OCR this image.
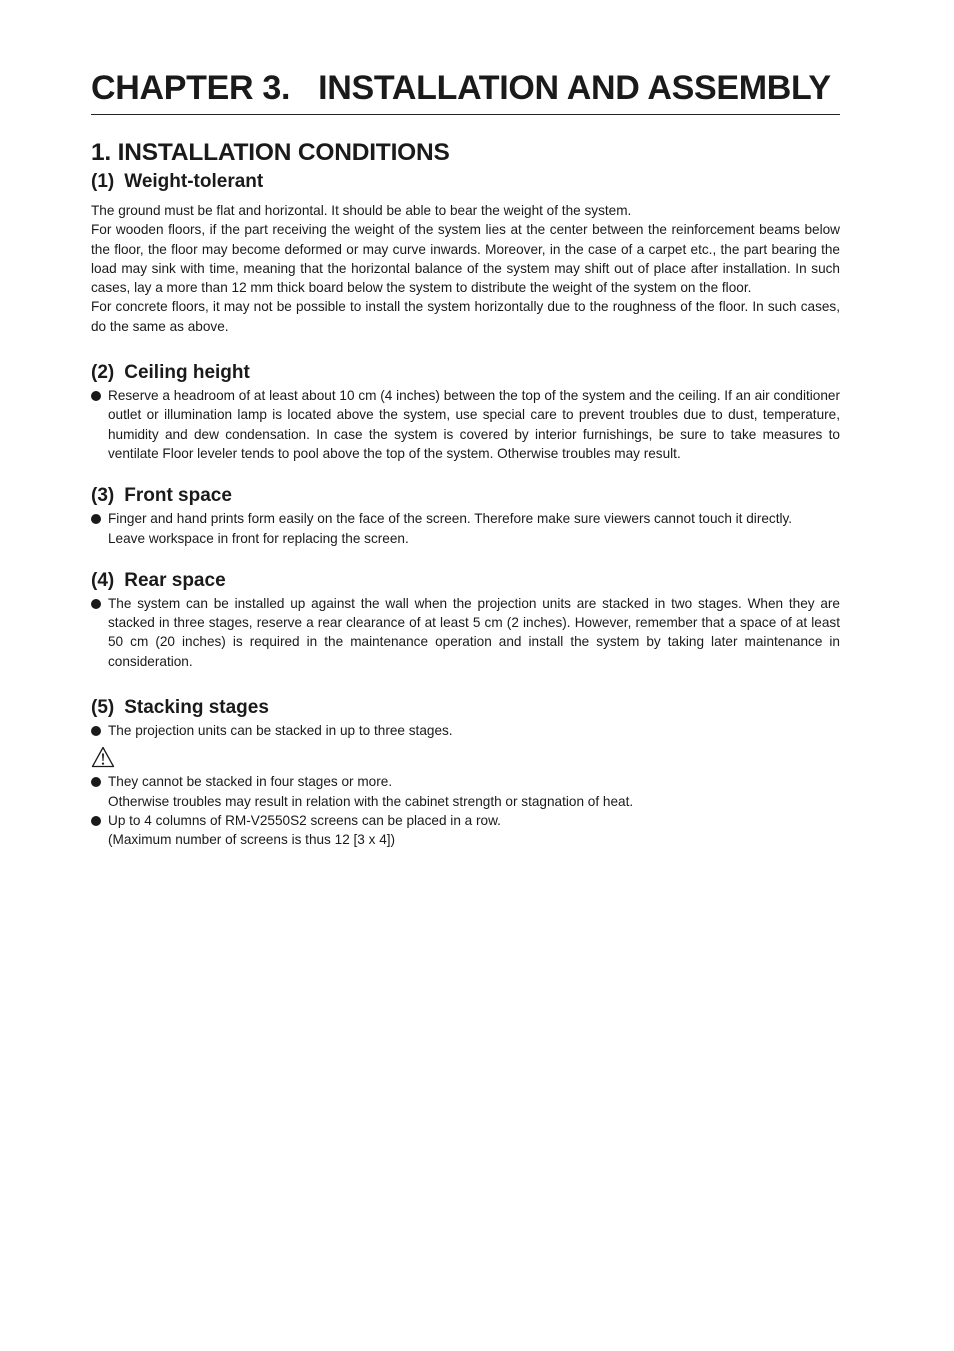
CHAPTER 3. INSTALLATION AND ASSEMBLY
1. INSTALLATION CONDITIONS
(1) Weight-tolerant

The ground must be flat and horizontal. It should be able to bear the weight of the system.

For wooden floors, if the part receiving the weight of the system lies at the center between the reinforcement beams below the floor, the floor may become deformed or may curve inwards. Moreover, in the case of a carpet etc., the part bearing the load may sink with time, meaning that the horizontal balance of the system may shift out of place after installation. In such cases, lay a more than 12 mm thick board below the system to distribute the weight of the system on the floor.

For concrete floors, it may not be possible to install the system horizontally due to the roughness of the floor. In such cases, do the same as above.

(2) Ceiling height
Reserve a headroom of at least about 10 cm (4 inches) between the top of the system and the ceiling. If an air conditioner outlet or illumination lamp is located above the system, use special care to prevent troubles due to dust, temperature, humidity and dew condensation. In case the system is covered by interior furnishings, be sure to take measures to ventilate Floor leveler tends to pool above the top of the system. Otherwise troubles may result.
(3) Front space
Finger and hand prints form easily on the face of the screen. Therefore make sure viewers cannot touch it directly.
Leave workspace in front for replacing the screen.
(4) Rear space
The system can be installed up against the wall when the projection units are stacked in two stages. When they are stacked in three stages, reserve a rear clearance of at least 5 cm (2 inches). However, remember that a space of at least 50 cm (20 inches) is required in the maintenance operation and install the system by taking later maintenance in consideration.
(5) Stacking stages
The projection units can be stacked in up to three stages.
They cannot be stacked in four stages or more.
Otherwise troubles may result in relation with the cabinet strength or stagnation of heat.
Up to 4 columns of RM-V2550S2 screens can be placed in a row.
(Maximum number of screens is thus 12 [3 x 4])
